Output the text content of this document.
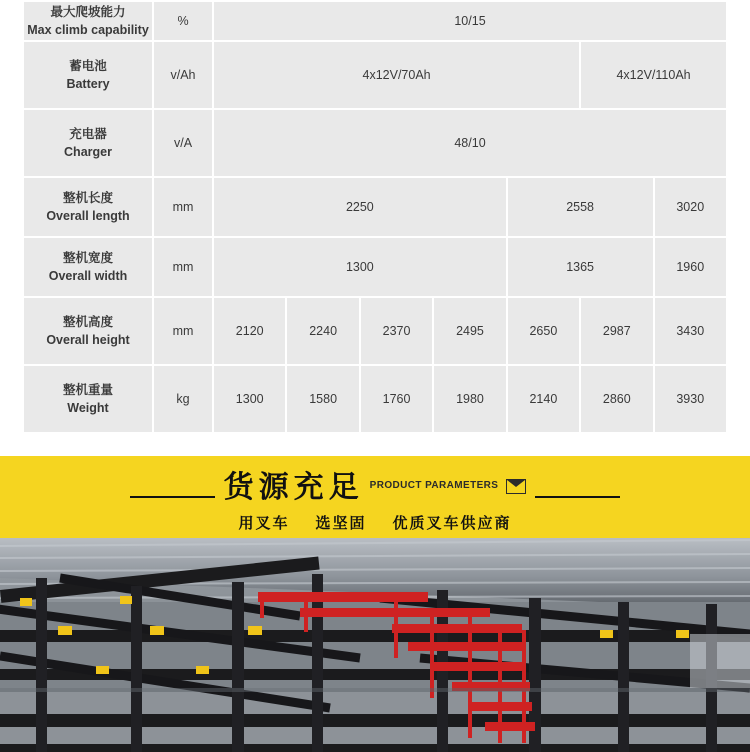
最大爬坡能力
Max climb capability	%	10/15						

蓄电池
Battery	v/Ah	4x12V/70Ah					4x12V/110Ah	

充电器
Charger	v/A	48/10						

整机长度
Overall length	mm	2250				2558		3020

整机宽度
Overall width	mm	1300				1365		1960

整机高度
Overall height	mm	2120	2240	2370	2495	2650	2987	3430

整机重量
Weight	kg	1300	1580	1760	1980	2140	2860	3930
货源充足 PRODUCT PARAMETERS
用叉车 选坚固 优质叉车供应商
